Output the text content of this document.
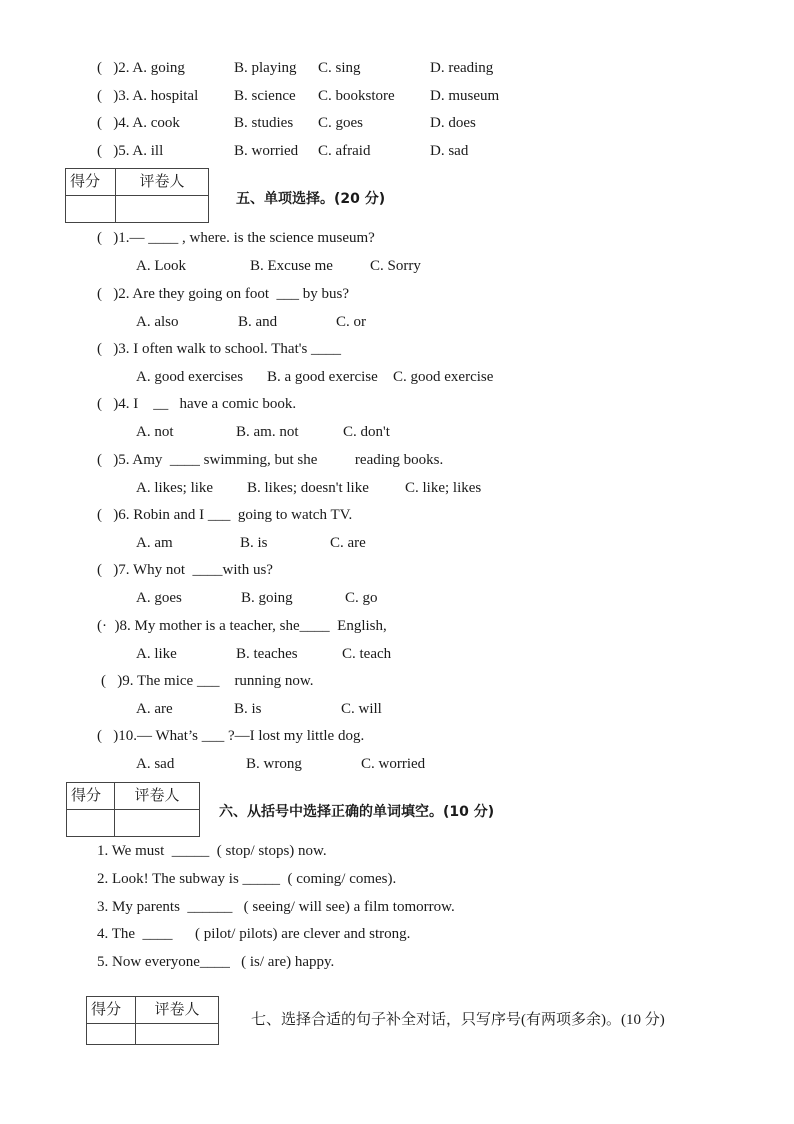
(   )2. A. going	B. playing C. sing	D. reading
(   )3. A. hospital B. science C. bookstore D. museum
(   )4. A. cook	B. studies C. goes	D. does
(   )5. A. ill	B. worried C. afraid	D. sad
得分	评卷人

五、单项选择。(20 分)
(   )1.— ____ , where. is the science museum?
A. Look	B. Excuse me C. Sorry
(   )2. Are they going on foot  ___ by bus?
A. also	B. and	C. or
(   )3. I often walk to school. That's ____
A. good exercises B. a good exercise C. good exercise
(   )4. I    __   have a comic book.
A. not	B. am. not	C. don't
(   )5. Amy  ____ swimming, but she          reading books.
A. likes; like B. likes; doesn't like C. like; likes
(   )6. Robin and I ___  going to watch TV.
A. am	B. is	C. are
(   )7. Why not  ____with us?
A. goes	B. going	C. go
(·  )8. My mother is a teacher, she____  English,
A. like	B. teaches	C. teach
(   )9. The mice ___    running now.
A. are	B. is	C. will
(   )10.— What’s ___ ?—I lost my little dog.
A. sad	B. wrong	C. worried
得分	评卷人

六、从括号中选择正确的单词填空。(10 分)
1. We must  _____  ( stop/ stops) now.
2. Look! The subway is _____  ( coming/ comes).
3. My parents  ______   ( seeing/ will see) a film tomorrow.
4. The  ____      ( pilot/ pilots) are clever and strong.
5. Now everyone____   ( is/ are) happy.
得分	评卷人

七、选择合适的句子补全对话，只写序号(有两项多余)。(10 分)
